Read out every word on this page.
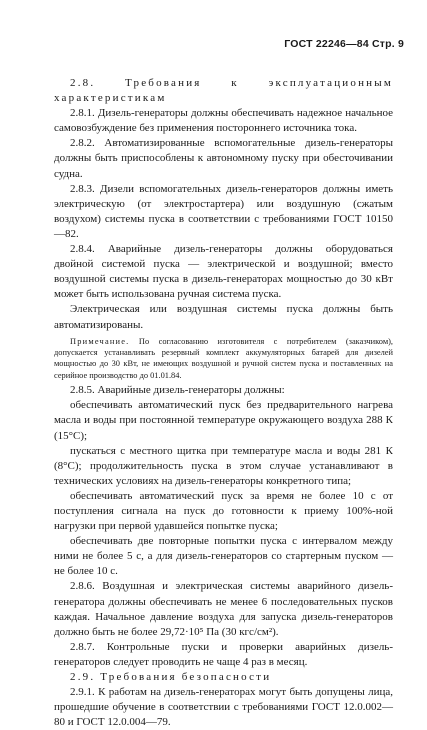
ГОСТ 22246—84 Стр. 9

2.8. Требования к эксплуатационным характеристикам

2.8.1. Дизель-генераторы должны обеспечивать надежное начальное самовозбуждение без применения постороннего источника тока.

2.8.2. Автоматизированные вспомогательные дизель-генераторы должны быть приспособлены к автономному пуску при обесточивании судна.

2.8.3. Дизели вспомогательных дизель-генераторов должны иметь электрическую (от электростартера) или воздушную (сжатым воздухом) системы пуска в соответствии с требованиями ГОСТ 10150—82.

2.8.4. Аварийные дизель-генераторы должны оборудоваться двойной системой пуска — электрической и воздушной; вместо воздушной системы пуска в дизель-генераторах мощностью до 30 кВт может быть использована ручная система пуска.

Электрическая или воздушная системы пуска должны быть автоматизированы.

Примечание. По согласованию изготовителя с потребителем (заказчиком), допускается устанавливать резервный комплект аккумуляторных батарей для дизелей мощностью до 30 кВт, не имеющих воздушной и ручной систем пуска и поставленных на серийное производство до 01.01.84.

2.8.5. Аварийные дизель-генераторы должны:

обеспечивать автоматический пуск без предварительного нагрева масла и воды при постоянной температуре окружающего воздуха 288 К (15°С);

пускаться с местного щитка при температуре масла и воды 281 К (8°С); продолжительность пуска в этом случае устанавливают в технических условиях на дизель-генераторы конкретного типа;

обеспечивать автоматический пуск за время не более 10 с от поступления сигнала на пуск до готовности к приему 100%-ной нагрузки при первой удавшейся попытке пуска;

обеспечивать две повторные попытки пуска с интервалом между ними не более 5 с, а для дизель-генераторов со стартерным пуском — не более 10 с.

2.8.6. Воздушная и электрическая системы аварийного дизель-генератора должны обеспечивать не менее 6 последовательных пусков каждая. Начальное давление воздуха для запуска дизель-генераторов должно быть не более 29,72·10⁵ Па (30 кгс/см²).

2.8.7. Контрольные пуски и проверки аварийных дизель-генераторов следует проводить не чаще 4 раз в месяц.

2.9. Требования безопасности

2.9.1. К работам на дизель-генераторах могут быть допущены лица, прошедшие обучение в соответствии с требованиями ГОСТ 12.0.002—80 и ГОСТ 12.0.004—79.
